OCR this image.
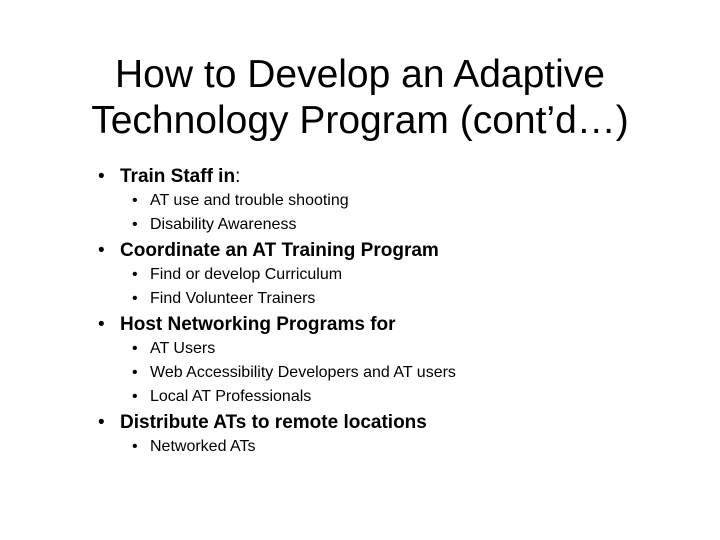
How to Develop an Adaptive
Technology Program (cont’d…)
• Train Staff in:
• AT use and trouble shooting
• Disability Awareness
• Coordinate an AT Training Program
• Find or develop Curriculum
• Find Volunteer Trainers
• Host Networking Programs for
• AT Users
• Web Accessibility Developers and AT users
• Local AT Professionals
• Distribute ATs to remote locations
• Networked ATs
